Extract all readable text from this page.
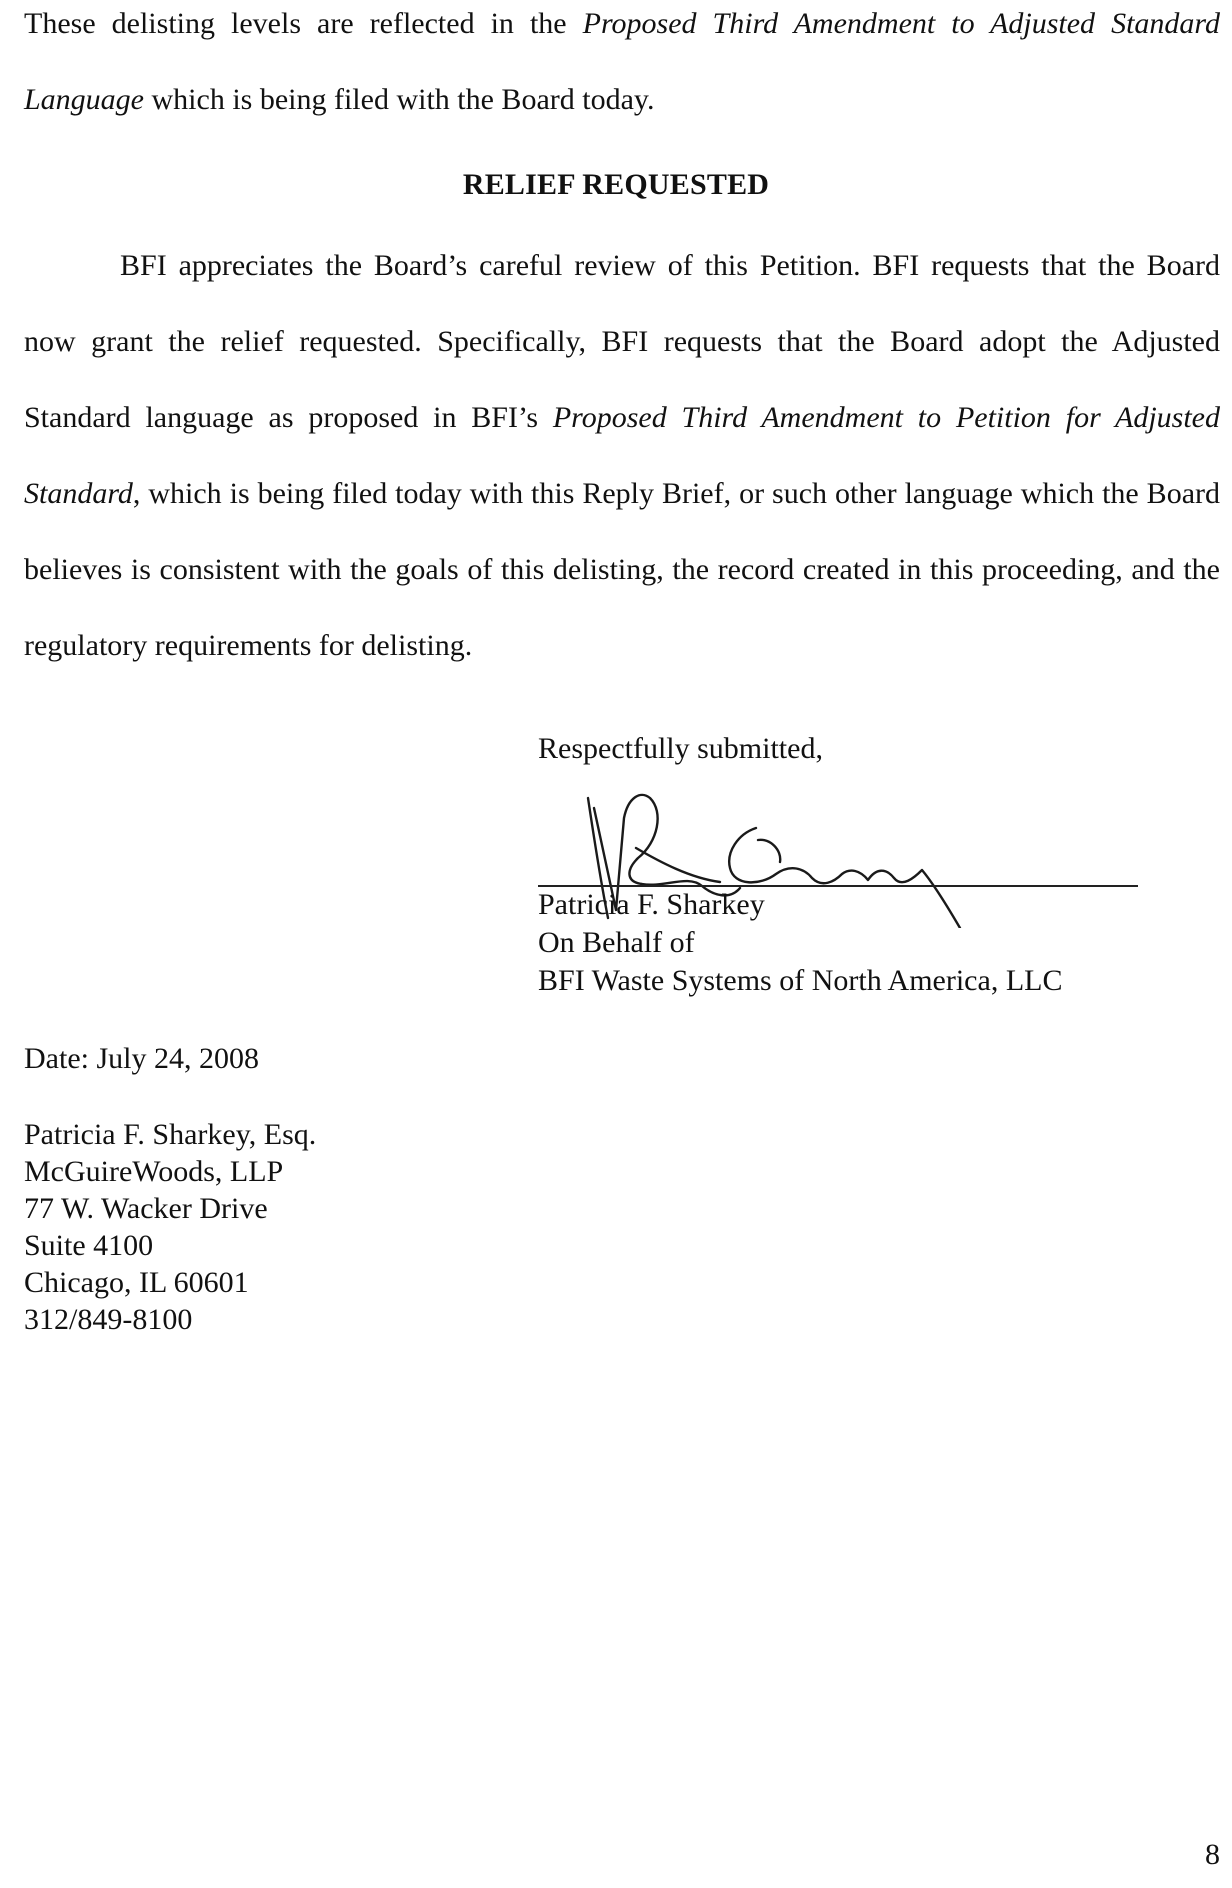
These delisting levels are reflected in the Proposed Third Amendment to Adjusted Standard Language which is being filed with the Board today.
RELIEF REQUESTED
BFI appreciates the Board’s careful review of this Petition. BFI requests that the Board now grant the relief requested. Specifically, BFI requests that the Board adopt the Adjusted Standard language as proposed in BFI’s Proposed Third Amendment to Petition for Adjusted Standard, which is being filed today with this Reply Brief, or such other language which the Board believes is consistent with the goals of this delisting, the record created in this proceeding, and the regulatory requirements for delisting.
Respectfully submitted,
Patricia F. Sharkey
On Behalf of
BFI Waste Systems of North America, LLC
Date: July 24, 2008
Patricia F. Sharkey, Esq.
McGuireWoods, LLP
77 W. Wacker Drive
Suite 4100
Chicago, IL 60601
312/849-8100
8
